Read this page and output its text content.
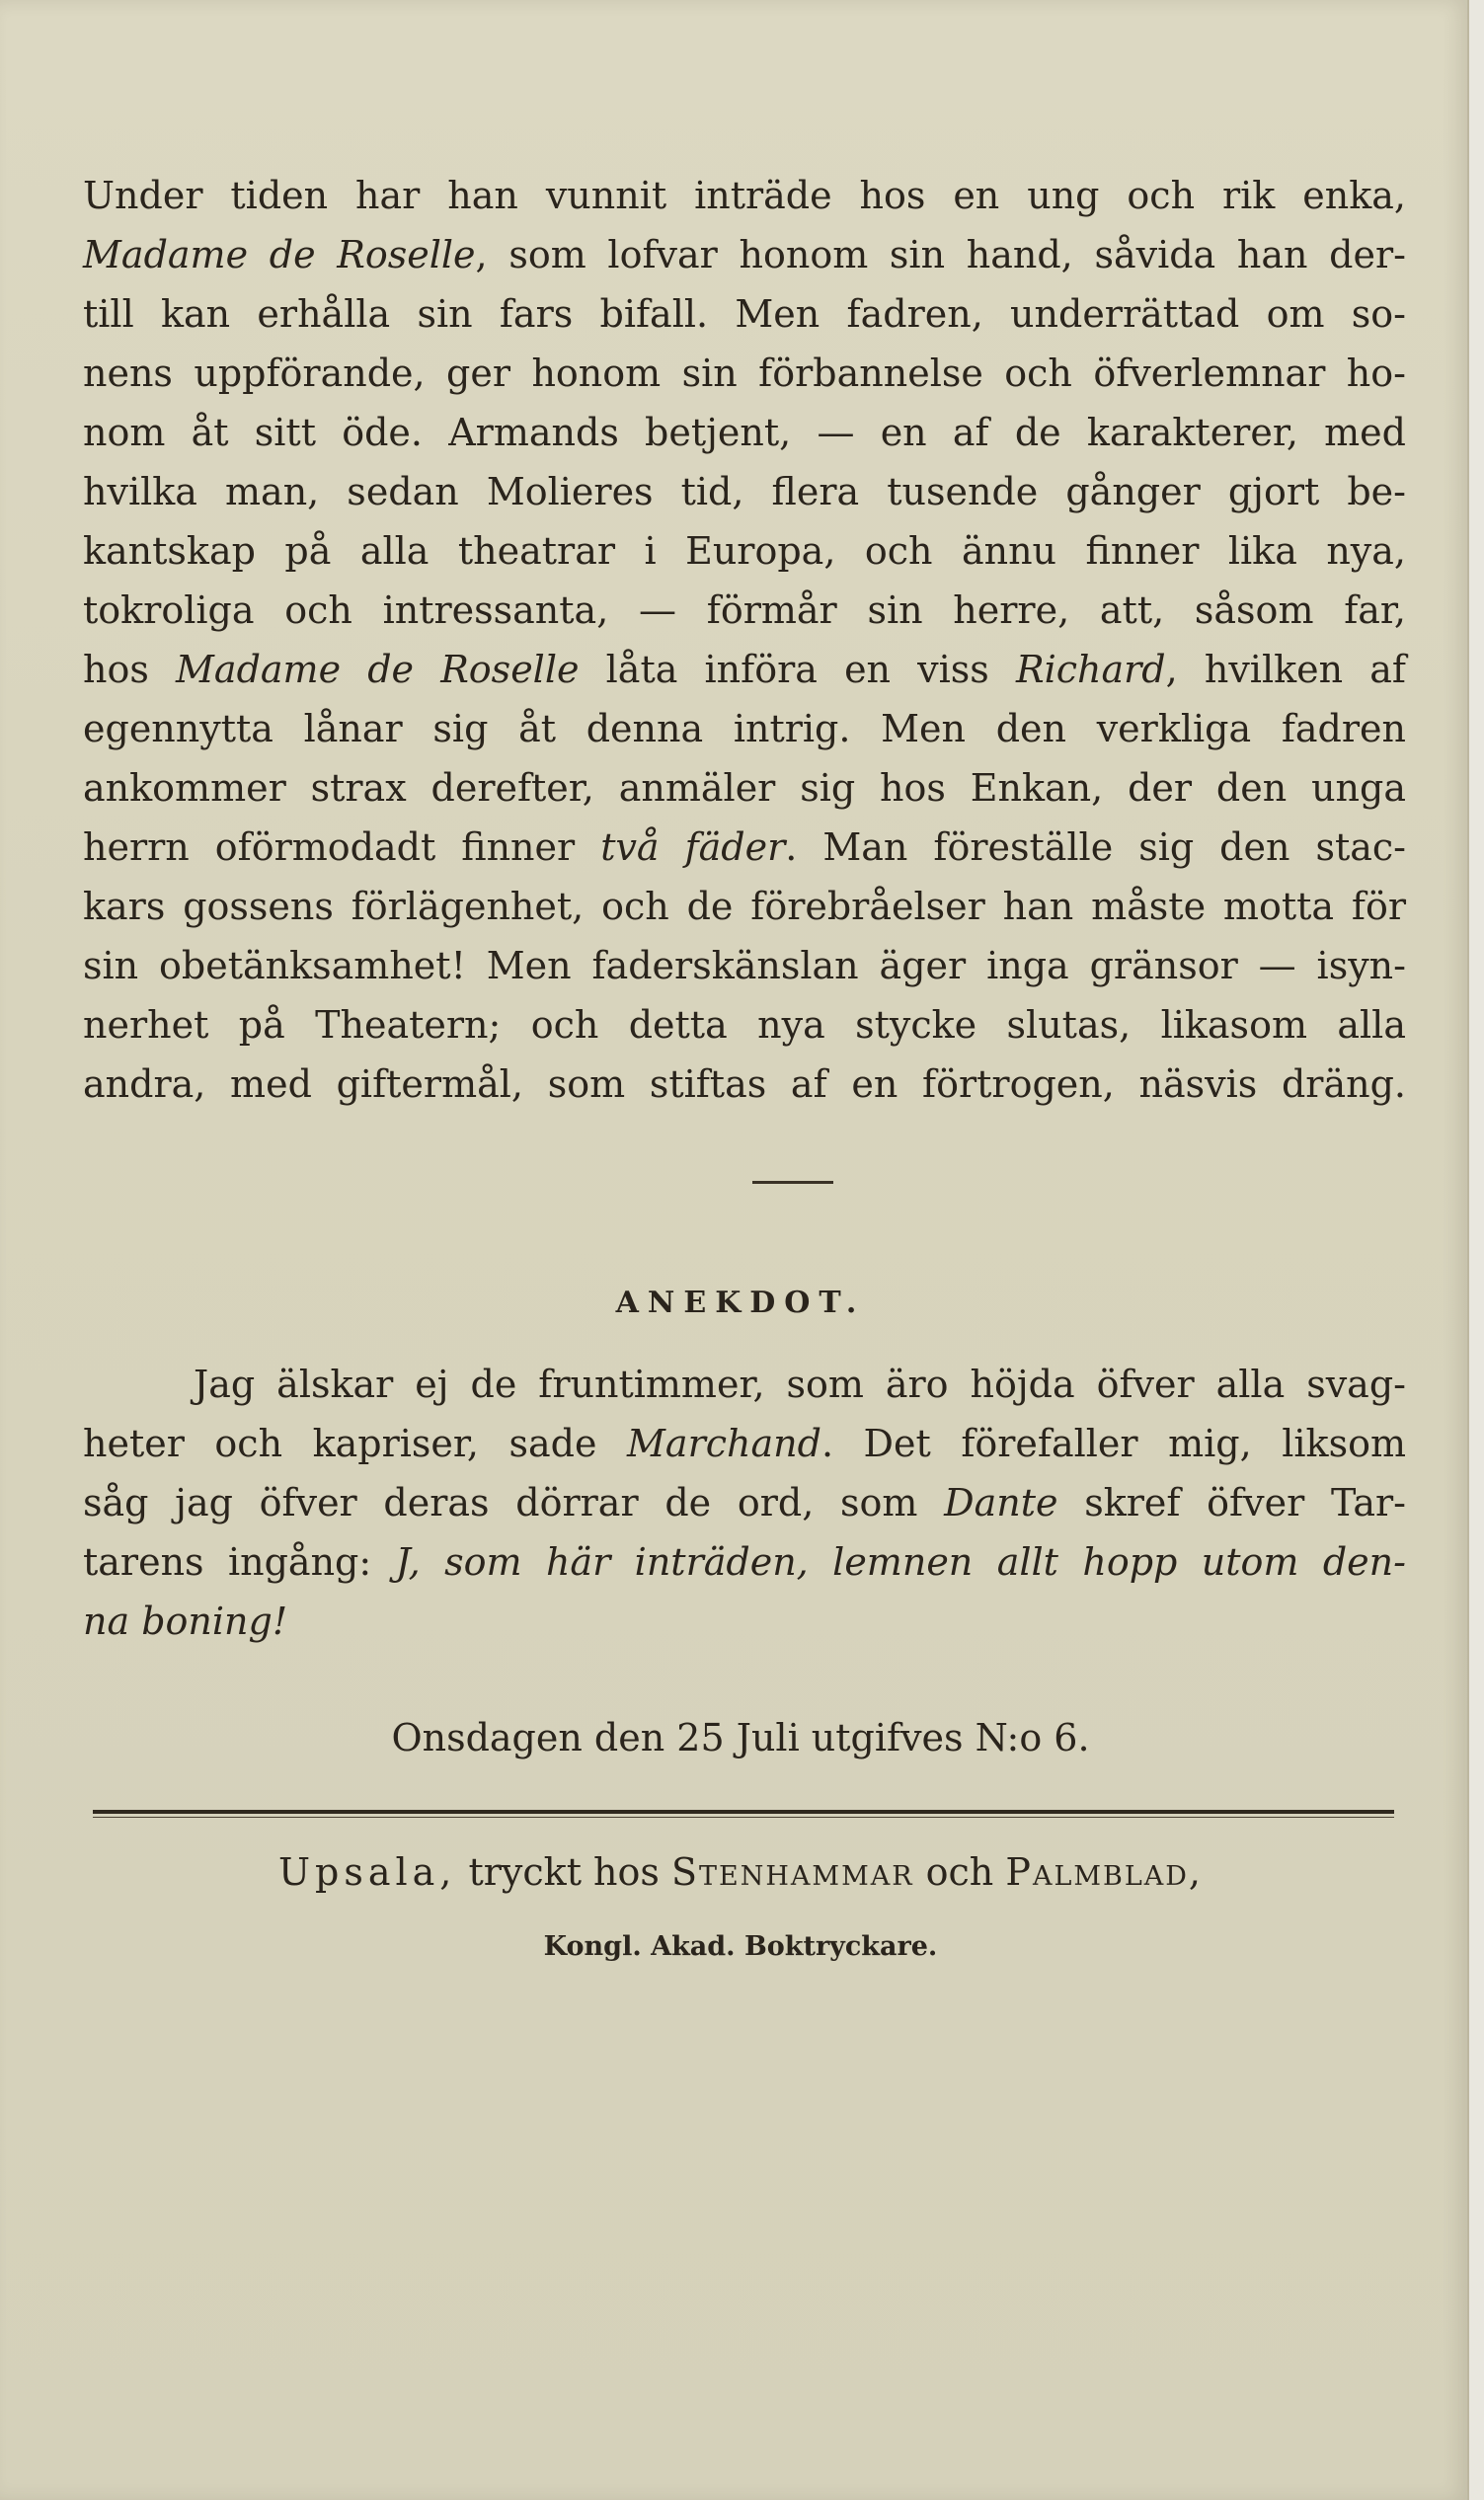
Under tiden har han vunnit inträde hos en ung och rik enka,
Madame de Roselle, som lofvar honom sin hand, såvida han der-
till kan erhålla sin fars bifall. Men fadren, underrättad om so-
nens uppförande, ger honom sin förbannelse och öfverlemnar ho-
nom åt sitt öde. Armands betjent, — en af de karakterer, med
hvilka man, sedan Molieres tid, flera tusende gånger gjort be-
kantskap på alla theatrar i Europa, och ännu finner lika nya,
tokroliga och intressanta, — förmår sin herre, att, såsom far,
hos Madame de Roselle låta införa en viss Richard, hvilken af
egennytta lånar sig åt denna intrig. Men den verkliga fadren
ankommer strax derefter, anmäler sig hos Enkan, der den unga
herrn oförmodadt finner två fäder. Man föreställe sig den stac-
kars gossens förlägenhet, och de förebråelser han måste motta för
sin obetänksamhet! Men faderskänslan äger inga gränsor — isyn-
nerhet på Theatern; och detta nya stycke slutas, likasom alla
andra, med giftermål, som stiftas af en förtrogen, näsvis dräng.
ANEKDOT.
Jag älskar ej de fruntimmer, som äro höjda öfver alla svag-
heter och kapriser, sade Marchand. Det förefaller mig, liksom
såg jag öfver deras dörrar de ord, som Dante skref öfver Tar-
tarens ingång: J, som här inträden, lemnen allt hopp utom den-
na boning!

Onsdagen den 25 Juli utgifves N:o 6.

Upsala, tryckt hos Stenhammar och Palmblad,

Kongl. Akad. Boktryckare.
